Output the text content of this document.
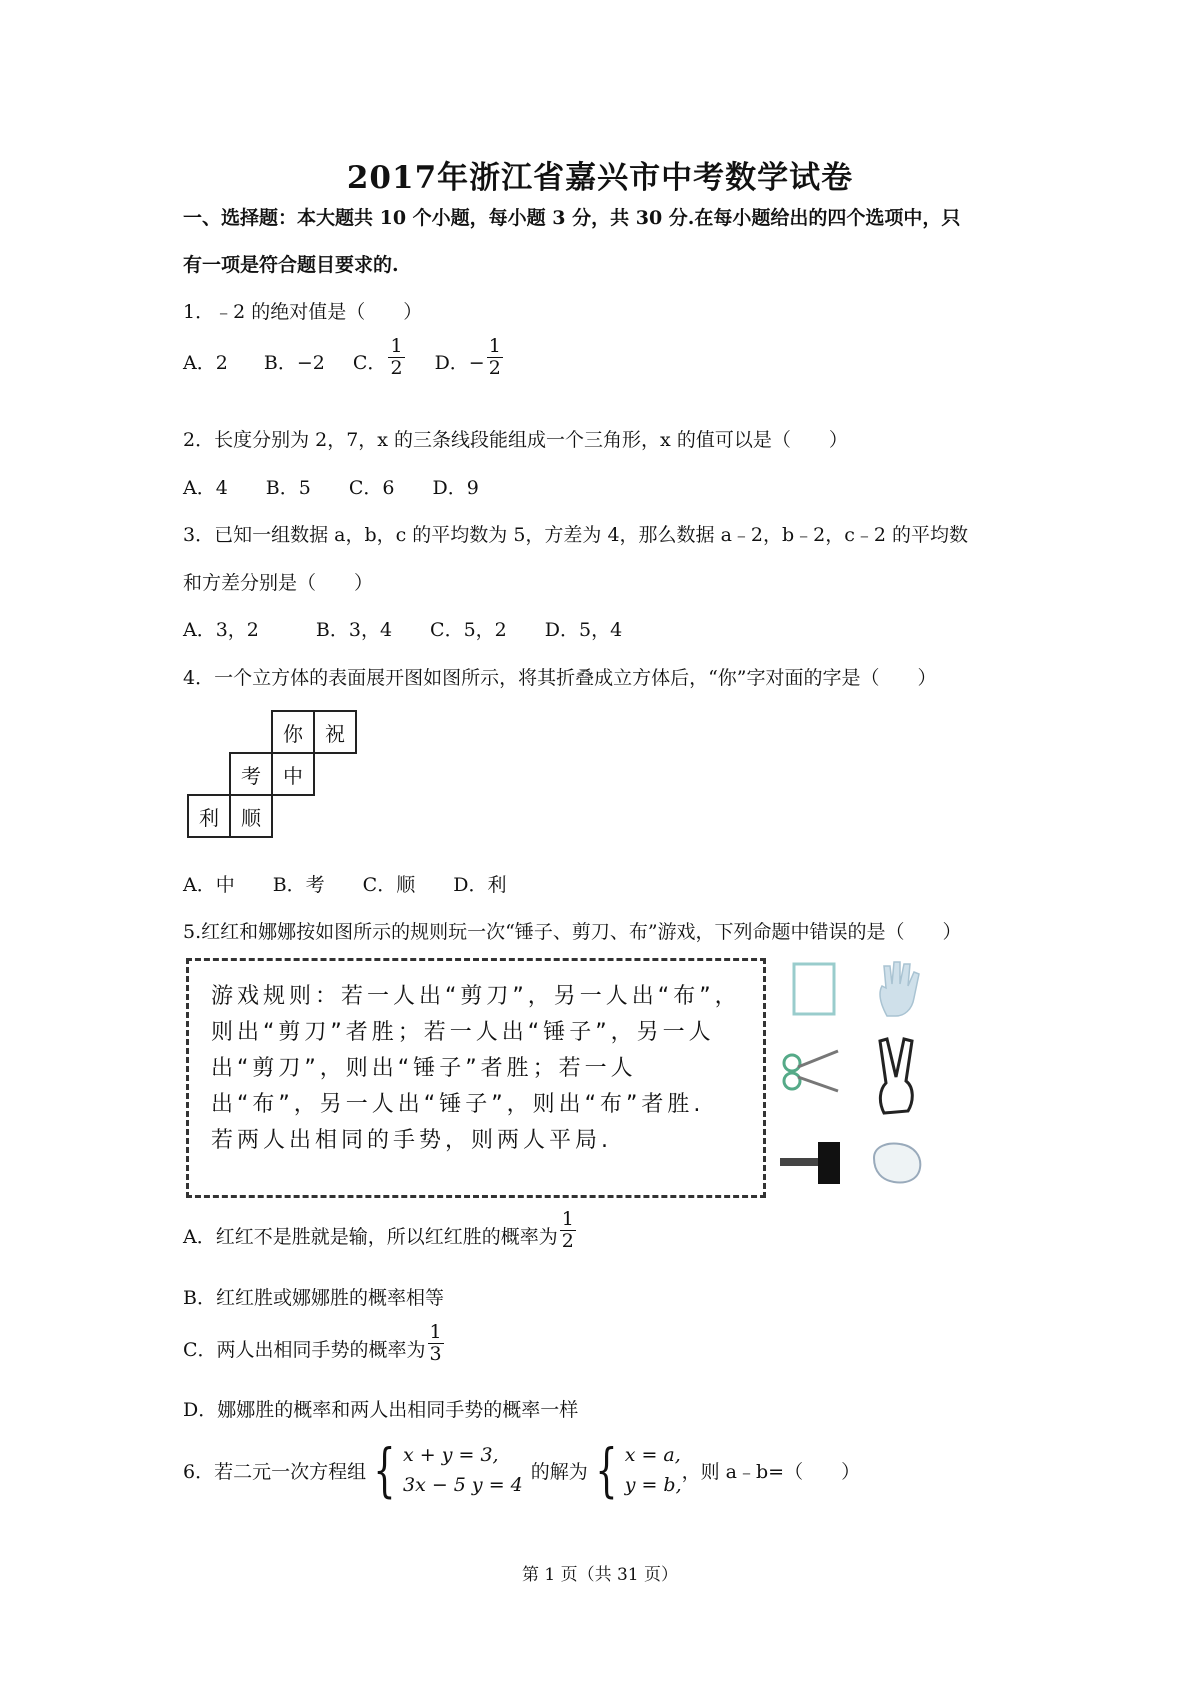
2017年浙江省嘉兴市中考数学试卷
一、选择题：本大题共 10 个小题，每小题 3 分，共 30 分.在每小题给出的四个选项中，只
有一项是符合题目要求的.
1．﹣2 的绝对值是（　　）
A．2 B．−2 C． $\frac{1}{2}$ D．− $\frac{1}{2}$
2．长度分别为 2，7，x 的三条线段能组成一个三角形，x 的值可以是（　　）
A．4　　B．5　　C．6　　D．9
3．已知一组数据 a，b，c 的平均数为 5，方差为 4，那么数据 a﹣2，b﹣2，c﹣2 的平均数
和方差分别是（　　）
A．3，2　　　B．3，4　　C．5，2　　D．5，4
4．一个立方体的表面展开图如图所示，将其折叠成立方体后，“你”字对面的字是（　　）
你	祝
考	中
利	顺
A．中　　B．考　　C．顺　　D．利
5.红红和娜娜按如图所示的规则玩一次“锤子、剪刀、布”游戏，下列命题中错误的是（　　）
游戏规则：若一人出“剪刀”，另一人出“布”，则出“剪刀”者胜；若一人出“锤子”，另一人出“剪刀”，则出“锤子”者胜；若一人出“布”，另一人出“锤子”，则出“布”者胜. 若两人出相同的手势，则两人平局.
A．红红不是胜就是输，所以红红胜的概率为 $\frac{1}{2}$
B．红红胜或娜娜胜的概率相等
C．两人出相同手势的概率为 $\frac{1}{3}$
D．娜娜胜的概率和两人出相同手势的概率一样
6．若二元一次方程组 { x + y = 3,
3x − 5 y = 4
的解为 { x = a,
y = b,
，则 a﹣b=（　　）
第 1 页（共 31 页）
